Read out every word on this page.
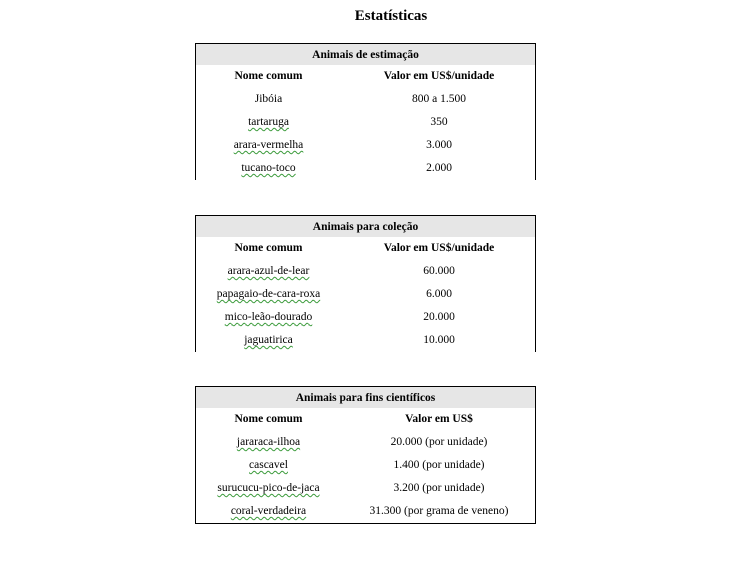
Estatísticas
Animais de estimação
Nome comum	Valor em US$/unidade
Jibóia	800 a 1.500
tartaruga	350
arara-vermelha	3.000
tucano-toco	2.000
Animais para coleção
Nome comum	Valor em US$/unidade
arara-azul-de-lear	60.000
papagaio-de-cara-roxa	6.000
mico-leão-dourado	20.000
jaguatirica	10.000
Animais para fins científicos
Nome comum	Valor em US$
jararaca-ilhoa	20.000 (por unidade)
cascavel	1.400 (por unidade)
surucucu-pico-de-jaca	3.200 (por unidade)
coral-verdadeira	31.300 (por grama de veneno)
